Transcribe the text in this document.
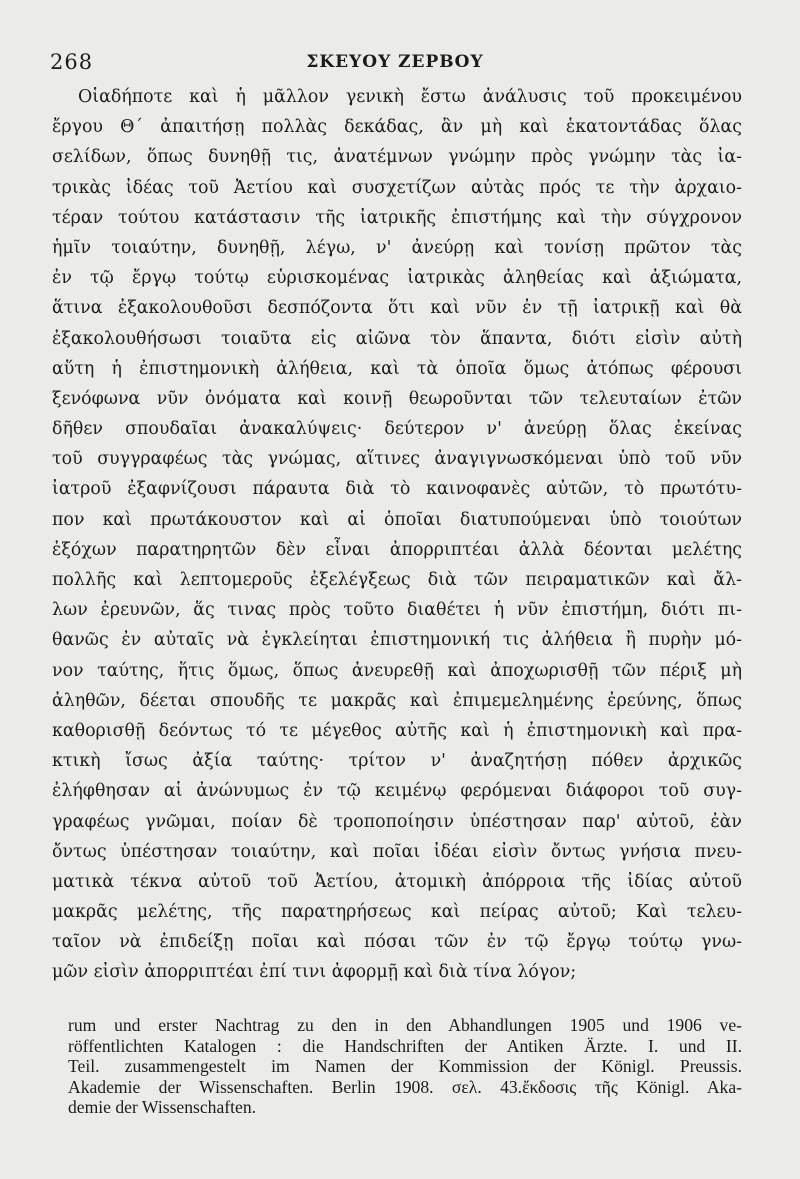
268	ΣΚΕΥΟΥ ΖΕΡΒΟΥ
Οἱαδήποτε καὶ ἡ μᾶλλον γενικὴ ἔστω ἀνάλυσις τοῦ προκειμένου
ἔργου Θ΄ ἀπαιτήσῃ πολλὰς δεκάδας, ἂν μὴ καὶ ἑκατοντάδας ὅλας
σελίδων, ὅπως δυνηθῇ τις, ἀνατέμνων γνώμην πρὸς γνώμην τὰς ἰα-
τρικὰς ἰδέας τοῦ Ἀετίου καὶ συσχετίζων αὐτὰς πρός τε τὴν ἀρχαιο-
τέραν τούτου κατάστασιν τῆς ἰατρικῆς ἐπιστήμης καὶ τὴν σύγχρονον
ἡμῖν τοιαύτην, δυνηθῇ, λέγω, ν' ἀνεύρῃ καὶ τονίσῃ πρῶτον τὰς
ἐν τῷ ἔργῳ τούτῳ εὑρισκομένας ἰατρικὰς ἀληθείας καὶ ἀξιώματα,
ἅτινα ἐξακολουθοῦσι δεσπόζοντα ὅτι καὶ νῦν ἐν τῇ ἰατρικῇ καὶ θὰ
ἐξακολουθήσωσι τοιαῦτα εἰς αἰῶνα τὸν ἅπαντα, διότι εἰσὶν αὐτὴ
αὕτη ἡ ἐπιστημονικὴ ἀλήθεια, καὶ τὰ ὁποῖα ὅμως ἀτόπως φέρουσι
ξενόφωνα νῦν ὀνόματα καὶ κοινῇ θεωροῦνται τῶν τελευταίων ἐτῶν
δῆθεν σπουδαῖαι ἀνακαλύψεις· δεύτερον ν' ἀνεύρῃ ὅλας ἐκείνας
τοῦ συγγραφέως τὰς γνώμας, αἵτινες ἀναγιγνωσκόμεναι ὑπὸ τοῦ νῦν
ἰατροῦ ἐξαφνίζουσι πάραυτα διὰ τὸ καινοφανὲς αὐτῶν, τὸ πρωτότυ-
πον καὶ πρωτάκουστον καὶ αἱ ὁποῖαι διατυπούμεναι ὑπὸ τοιούτων
ἐξόχων παρατηρητῶν δὲν εἶναι ἀπορριπτέαι ἀλλὰ δέονται μελέτης
πολλῆς καὶ λεπτομεροῦς ἐξελέγξεως διὰ τῶν πειραματικῶν καὶ ἄλ-
λων ἐρευνῶν, ἅς τινας πρὸς τοῦτο διαθέτει ἡ νῦν ἐπιστήμη, διότι πι-
θανῶς ἐν αὐταῖς νὰ ἐγκλείηται ἐπιστημονική τις ἀλήθεια ἢ πυρὴν μό-
νον ταύτης, ἥτις ὅμως, ὅπως ἀνευρεθῇ καὶ ἀποχωρισθῇ τῶν πέριξ μὴ
ἀληθῶν, δέεται σπουδῆς τε μακρᾶς καὶ ἐπιμεμελημένης ἐρεύνης, ὅπως
καθορισθῇ δεόντως τό τε μέγεθος αὐτῆς καὶ ἡ ἐπιστημονικὴ καὶ πρα-
κτικὴ ἴσως ἀξία ταύτης· τρίτον ν' ἀναζητήσῃ πόθεν ἀρχικῶς
ἐλήφθησαν αἱ ἀνώνυμως ἐν τῷ κειμένῳ φερόμεναι διάφοροι τοῦ συγ-
γραφέως γνῶμαι, ποίαν δὲ τροποποίησιν ὑπέστησαν παρ' αὐτοῦ, ἐὰν
ὄντως ὑπέστησαν τοιαύτην, καὶ ποῖαι ἰδέαι εἰσὶν ὄντως γνήσια πνευ-
ματικὰ τέκνα αὐτοῦ τοῦ Ἀετίου, ἀτομικὴ ἀπόρροια τῆς ἰδίας αὐτοῦ
μακρᾶς μελέτης, τῆς παρατηρήσεως καὶ πείρας αὐτοῦ; Καὶ τελευ-
ταῖον νὰ ἐπιδείξῃ ποῖαι καὶ πόσαι τῶν ἐν τῷ ἔργῳ τούτῳ γνω-
μῶν εἰσὶν ἀπορριπτέαι ἐπί τινι ἀφορμῇ καὶ διὰ τίνα λόγον;
rum und erster Nachtrag zu den in den Abhandlungen 1905 und 1906 ve-
röffentlichten Katalogen : die Handschriften der Antiken Ärzte. I. und II.
Teil. zusammengestelt im Namen der Kommission der Königl. Preussis.
Akademie der Wissenschaften. Berlin 1908. σελ. 43.ἔκδοσις τῆς Königl. Aka-
demie der Wissenschaften.
